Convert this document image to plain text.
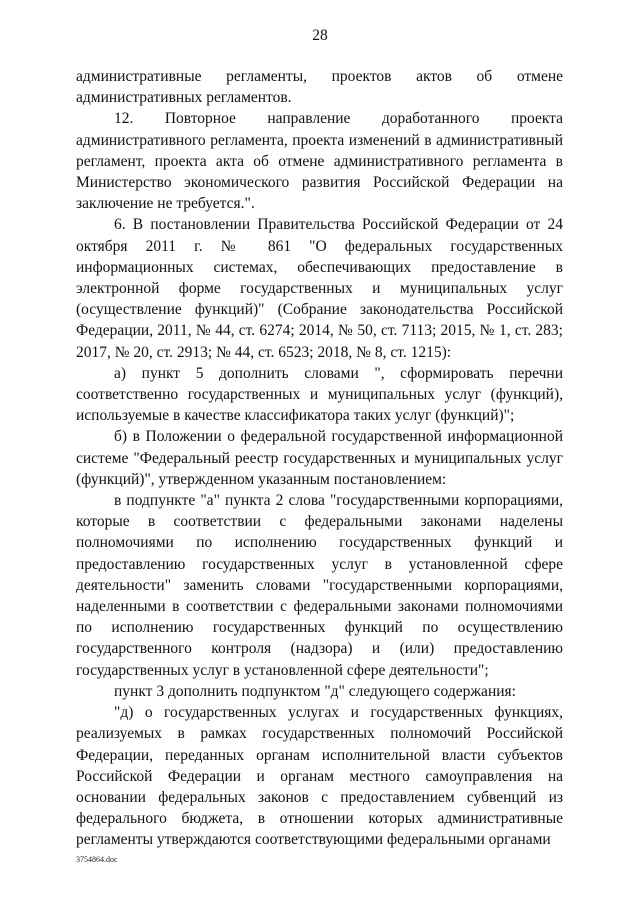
28

административные регламенты, проектов актов об отмене административных регламентов.

12. Повторное направление доработанного проекта административного регламента, проекта изменений в административный регламент, проекта акта об отмене административного регламента в Министерство экономического развития Российской Федерации на заключение не требуется.".

6. В постановлении Правительства Российской Федерации от 24 октября 2011 г. № 861 "О федеральных государственных информационных системах, обеспечивающих предоставление в электронной форме государственных и муниципальных услуг (осуществление функций)" (Собрание законодательства Российской Федерации, 2011, № 44, ст. 6274; 2014, № 50, ст. 7113; 2015, № 1, ст. 283; 2017, № 20, ст. 2913; № 44, ст. 6523; 2018, № 8, ст. 1215):

а) пункт 5 дополнить словами ", сформировать перечни соответственно государственных и муниципальных услуг (функций), используемые в качестве классификатора таких услуг (функций)";

б) в Положении о федеральной государственной информационной системе "Федеральный реестр государственных и муниципальных услуг (функций)", утвержденном указанным постановлением:

в подпункте "а" пункта 2 слова "государственными корпорациями, которые в соответствии с федеральными законами наделены полномочиями по исполнению государственных функций и предоставлению государственных услуг в установленной сфере деятельности" заменить словами "государственными корпорациями, наделенными в соответствии с федеральными законами полномочиями по исполнению государственных функций по осуществлению государственного контроля (надзора) и (или) предоставлению государственных услуг в установленной сфере деятельности";

пункт 3 дополнить подпунктом "д" следующего содержания:

"д) о государственных услугах и государственных функциях, реализуемых в рамках государственных полномочий Российской Федерации, переданных органам исполнительной власти субъектов Российской Федерации и органам местного самоуправления на основании федеральных законов с предоставлением субвенций из федерального бюджета, в отношении которых административные регламенты утверждаются соответствующими федеральными органами

3754864.doc
